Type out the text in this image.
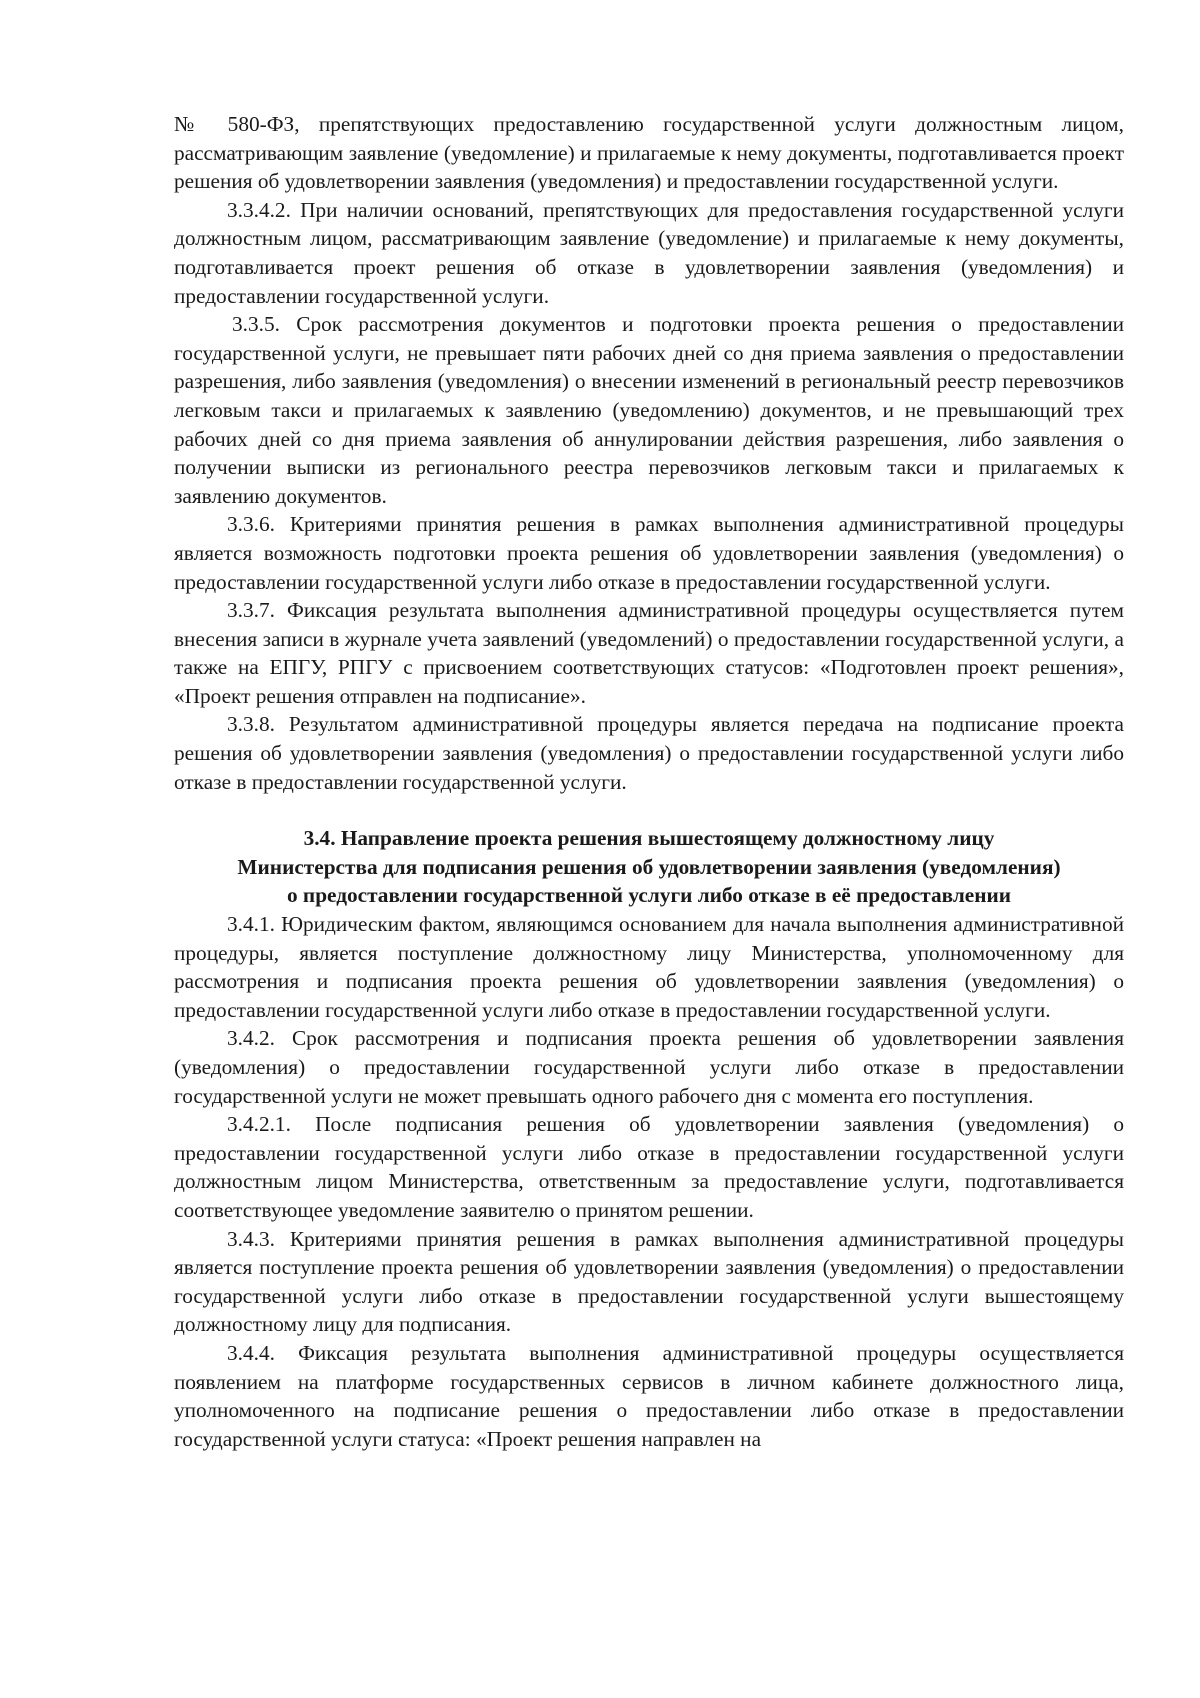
№ 580-ФЗ, препятствующих предоставлению государственной услуги должностным лицом, рассматривающим заявление (уведомление) и прилагаемые к нему документы, подготавливается проект решения об удовлетворении заявления (уведомления) и предоставлении государственной услуги.

3.3.4.2. При наличии оснований, препятствующих для предоставления государственной услуги должностным лицом, рассматривающим заявление (уведомление) и прилагаемые к нему документы, подготавливается проект решения об отказе в удовлетворении заявления (уведомления) и предоставлении государственной услуги.

3.3.5. Срок рассмотрения документов и подготовки проекта решения о предоставлении государственной услуги, не превышает пяти рабочих дней со дня приема заявления о предоставлении разрешения, либо заявления (уведомления) о внесении изменений в региональный реестр перевозчиков легковым такси и прилагаемых к заявлению (уведомлению) документов, и не превышающий трех рабочих дней со дня приема заявления об аннулировании действия разрешения, либо заявления о получении выписки из регионального реестра перевозчиков легковым такси и прилагаемых к заявлению документов.

3.3.6. Критериями принятия решения в рамках выполнения административной процедуры является возможность подготовки проекта решения об удовлетворении заявления (уведомления) о предоставлении государственной услуги либо отказе в предоставлении государственной услуги.

3.3.7. Фиксация результата выполнения административной процедуры осуществляется путем внесения записи в журнале учета заявлений (уведомлений) о предоставлении государственной услуги, а также на ЕПГУ, РПГУ с присвоением соответствующих статусов: «Подготовлен проект решения», «Проект решения отправлен на подписание».

3.3.8. Результатом административной процедуры является передача на подписание проекта решения об удовлетворении заявления (уведомления) о предоставлении государственной услуги либо отказе в предоставлении государственной услуги.

3.4. Направление проекта решения вышестоящему должностному лицу
Министерства для подписания решения об удовлетворении заявления (уведомления)
о предоставлении государственной услуги либо отказе в её предоставлении

3.4.1. Юридическим фактом, являющимся основанием для начала выполнения административной процедуры, является поступление должностному лицу Министерства, уполномоченному для рассмотрения и подписания проекта решения об удовлетворении заявления (уведомления) о предоставлении государственной услуги либо отказе в предоставлении государственной услуги.

3.4.2. Срок рассмотрения и подписания проекта решения об удовлетворении заявления (уведомления) о предоставлении государственной услуги либо отказе в предоставлении государственной услуги не может превышать одного рабочего дня с момента его поступления.

3.4.2.1. После подписания решения об удовлетворении заявления (уведомления) о предоставлении государственной услуги либо отказе в предоставлении государственной услуги должностным лицом Министерства, ответственным за предоставление услуги, подготавливается соответствующее уведомление заявителю о принятом решении.

3.4.3. Критериями принятия решения в рамках выполнения административной процедуры является поступление проекта решения об удовлетворении заявления (уведомления) о предоставлении государственной услуги либо отказе в предоставлении государственной услуги вышестоящему должностному лицу для подписания.

3.4.4. Фиксация результата выполнения административной процедуры осуществляется появлением на платформе государственных сервисов в личном кабинете должностного лица, уполномоченного на подписание решения о предоставлении либо отказе в предоставлении государственной услуги статуса: «Проект решения направлен на
